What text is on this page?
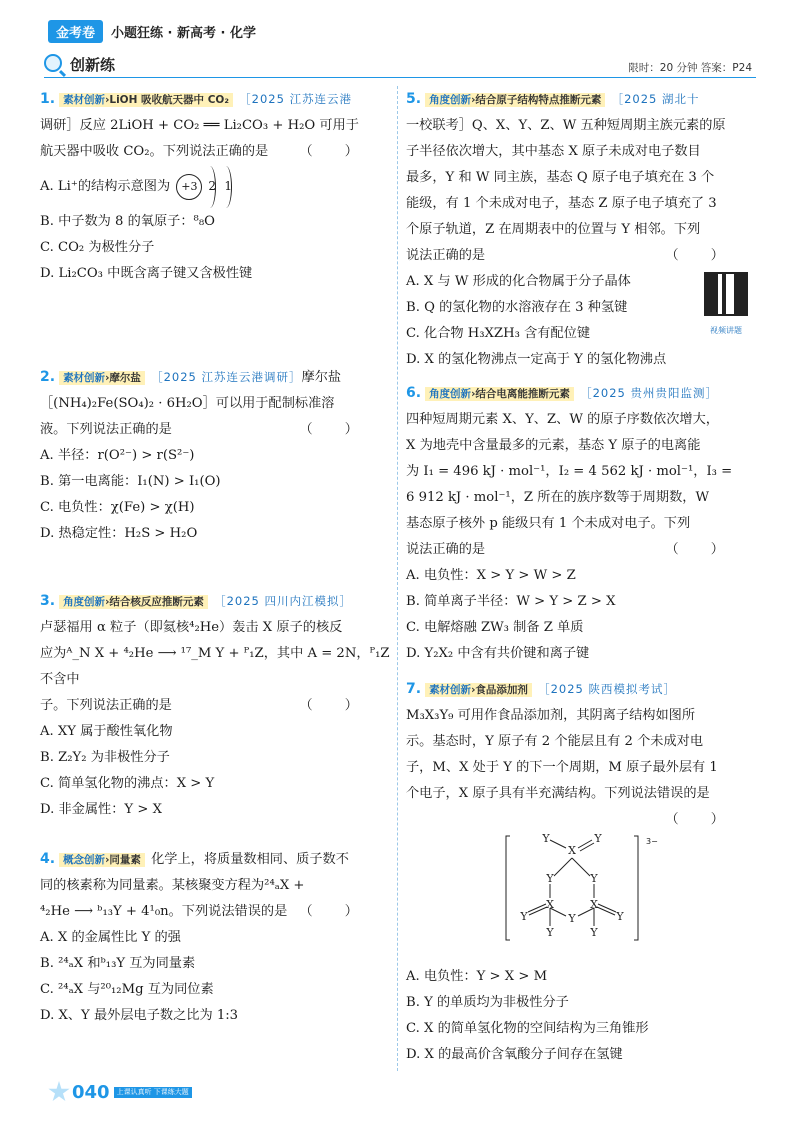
金考卷	小题狂练 · 新高考 · 化学
创新练	限时：20 分钟 答案：P24
1. 素材创新›LiOH 吸收航天器中 CO₂ ［2025 江苏连云港
调研］反应 2LiOH + CO₂ ══ Li₂CO₃ + H₂O 可用于
航天器中吸收 CO₂。下列说法正确的是 （ ）
A. Li⁺的结构示意图为	+3 2 1
B. 中子数为 8 的氧原子：⁸₈O
C. CO₂ 为极性分子
D. Li₂CO₃ 中既含离子键又含极性键
2. 素材创新›摩尔盐 ［2025 江苏连云港调研］摩尔盐
［(NH₄)₂Fe(SO₄)₂ · 6H₂O］可以用于配制标准溶
液。下列说法正确的是	（ ）
A. 半径：r(O²⁻) > r(S²⁻)
B. 第一电离能：I₁(N) > I₁(O)
C. 电负性：χ(Fe) > χ(H)
D. 热稳定性：H₂S > H₂O
3. 角度创新›结合核反应推断元素 ［2025 四川内江模拟］
卢瑟福用 α 粒子（即氦核⁴₂He）轰击 X 原子的核反
应为ᴬ_N X + ⁴₂He ⟶ ¹⁷_M Y + ᴾ₁Z，其中 A = 2N，ᴾ₁Z 不含中
子。下列说法正确的是	（ ）
A. XY 属于酸性氧化物
B. Z₂Y₂ 为非极性分子
C. 简单氢化物的沸点：X > Y
D. 非金属性：Y > X
4. 概念创新›同量素 化学上，将质量数相同、质子数不
同的核素称为同量素。某核聚变方程为²⁴ₐX +
⁴₂He ⟶ ᵇ₁₃Y + 4¹₀n。下列说法错误的是 （ ）
A. X 的金属性比 Y 的强
B. ²⁴ₐX 和ᵇ₁₃Y 互为同量素
C. ²⁴ₐX 与²⁰₁₂Mg 互为同位素
D. X、Y 最外层电子数之比为 1:3
5. 角度创新›结合原子结构特点推断元素 ［2025 湖北十
一校联考］Q、X、Y、Z、W 五种短周期主族元素的原
子半径依次增大，其中基态 X 原子未成对电子数目
最多，Y 和 W 同主族，基态 Q 原子电子填充在 3 个
能级，有 1 个未成对电子，基态 Z 原子电子填充了 3
个原子轨道，Z 在周期表中的位置与 Y 相邻。下列
说法正确的是	（ ）
视频讲题
A. X 与 W 形成的化合物属于分子晶体
B. Q 的氢化物的水溶液存在 3 种氢键
C. 化合物 H₃XZH₃ 含有配位键
D. X 的氢化物沸点一定高于 Y 的氢化物沸点
6. 角度创新›结合电离能推断元素 ［2025 贵州贵阳监测］
四种短周期元素 X、Y、Z、W 的原子序数依次增大，
X 为地壳中含量最多的元素，基态 Y 原子的电离能
为 I₁ = 496 kJ · mol⁻¹，I₂ = 4 562 kJ · mol⁻¹，I₃ =
6 912 kJ · mol⁻¹，Z 所在的族序数等于周期数，W
基态原子核外 p 能级只有 1 个未成对电子。下列
说法正确的是	（ ）
A. 电负性：X > Y > W > Z
B. 简单离子半径：W > Y > Z > X
C. 电解熔融 ZW₃ 制备 Z 单质
D. Y₂X₂ 中含有共价键和离子键
7. 素材创新›食品添加剂 ［2025 陕西模拟考试］
M₃X₃Y₉ 可用作食品添加剂，其阴离子结构如图所
示。基态时，Y 原子有 2 个能层且有 2 个未成对电
子，M、X 处于 Y 的下一个周期，M 原子最外层有 1
个电子，X 原子具有半充满结构。下列说法错误的是
（ ）

Y
X
Y
Y	Y
X	X
Y
Y	Y
Y	Y
3−
A. 电负性：Y > X > M
B. Y 的单质均为非极性分子
C. X 的简单氢化物的空间结构为三角锥形
D. X 的最高价含氧酸分子间存在氢键
040	上课认真听 下课练大题
